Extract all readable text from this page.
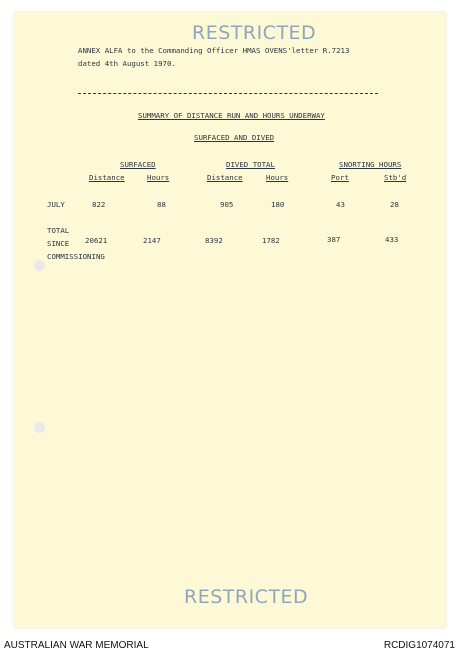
RESTRICTED
ANNEX ALFA to the Commanding Officer HMAS OVENS'letter R.7213
dated 4th August 1970.
SUMMARY OF DISTANCE RUN AND HOURS UNDERWAY
SURFACED AND DIVED
SURFACED	DIVED TOTAL	SNORTING HOURS
Distance	Hours	Distance	Hours	Port	Stb'd
JULY	822	88	905	180	43	28
TOTAL
SINCE
COMMISSIONING
20621	2147	8392	1782	387	433
RESTRICTED
AUSTRALIAN WAR MEMORIAL	RCDIG1074071
